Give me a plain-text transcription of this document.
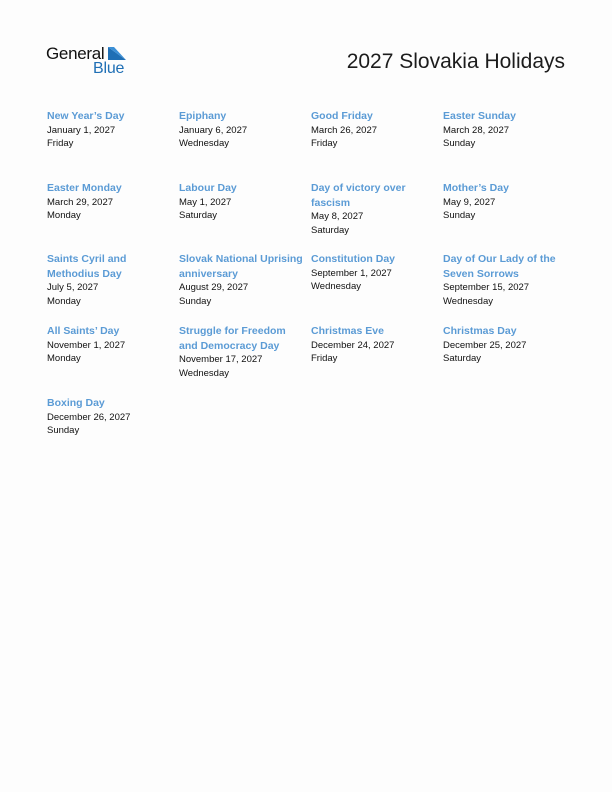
General
Blue	2027 Slovakia Holidays
New Year’s Day
January 1, 2027
Friday
Epiphany
January 6, 2027
Wednesday
Good Friday
March 26, 2027
Friday
Easter Sunday
March 28, 2027
Sunday
Easter Monday
March 29, 2027
Monday
Labour Day
May 1, 2027
Saturday
Day of victory over fascism
May 8, 2027
Saturday
Mother’s Day
May 9, 2027
Sunday
Saints Cyril and Methodius Day
July 5, 2027
Monday
Slovak National Uprising anniversary
August 29, 2027
Sunday
Constitution Day
September 1, 2027
Wednesday
Day of Our Lady of the Seven Sorrows
September 15, 2027
Wednesday
All Saints’ Day
November 1, 2027
Monday
Struggle for Freedom and Democracy Day
November 17, 2027
Wednesday
Christmas Eve
December 24, 2027
Friday
Christmas Day
December 25, 2027
Saturday
Boxing Day
December 26, 2027
Sunday
